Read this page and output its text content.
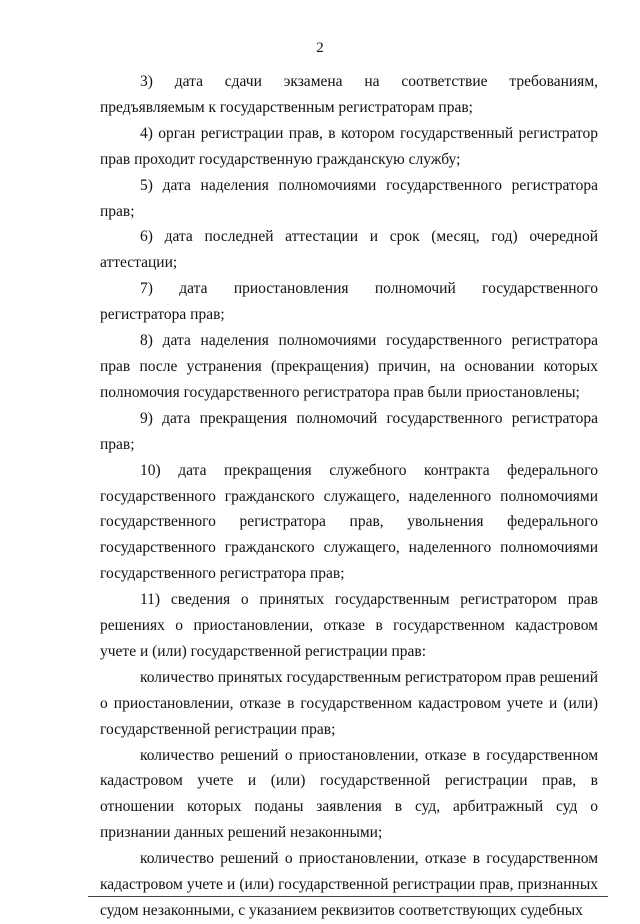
2

3) дата сдачи экзамена на соответствие требованиям, предъявляемым к государственным регистраторам прав;

4) орган регистрации прав, в котором государственный регистратор прав проходит государственную гражданскую службу;

5) дата наделения полномочиями государственного регистратора прав;

6) дата последней аттестации и срок (месяц, год) очередной аттестации;

7) дата приостановления полномочий государственного регистратора прав;

8) дата наделения полномочиями государственного регистратора прав после устранения (прекращения) причин, на основании которых полномочия государственного регистратора прав были приостановлены;

9) дата прекращения полномочий государственного регистратора прав;

10) дата прекращения служебного контракта федерального государственного гражданского служащего, наделенного полномочиями государственного регистратора прав, увольнения федерального государственного гражданского служащего, наделенного полномочиями государственного регистратора прав;

11) сведения о принятых государственным регистратором прав решениях о приостановлении, отказе в государственном кадастровом учете и (или) государственной регистрации прав:

количество принятых государственным регистратором прав решений о приостановлении, отказе в государственном кадастровом учете и (или) государственной регистрации прав;

количество решений о приостановлении, отказе в государственном кадастровом учете и (или) государственной регистрации прав, в отношении которых поданы заявления в суд, арбитражный суд о признании данных решений незаконными;

количество решений о приостановлении, отказе в государственном кадастровом учете и (или) государственной регистрации прав, признанных судом незаконными, с указанием реквизитов соответствующих судебных
